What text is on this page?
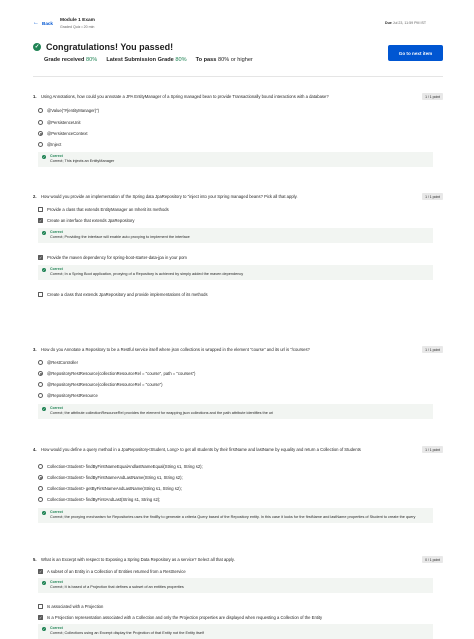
← Back Module 1 Exam
Graded Quiz • 20 min
Due Jul 23, 11:59 PM IST
✓ Congratulations! You passed!
Grade received 80% Latest Submission Grade 80% To pass 80% or higher
Go to next item
1. Using Annotations, how could you annotate a JPA EntityManager of a Spring managed bean to provide Transactionally bound interactions with a database?	1 / 1 point
@Value("#{entityManager}")
@PersistenceUnit
@PersistenceContext
@Inject
✓ Correct
Correct; This injects an EntityManager
2. How would you provide an implementation of the Spring data JpaRepository to "inject into your Spring managed beans? Pick all that apply.	1 / 1 point
Provide a class that extends EntityManager an Inherit its methods
✓ Create an interface that extends JpaRepository
✓ Correct
Correct; Providing the interface will enable auto proxying to implement the interface
✓ Provide the maven dependency for spring-boot-starter-data-jpa in your pom
✓ Correct
Correct; In a Spring Boot application, proxying of a Repository is achieved by simply added the maven dependency
Create a class that extends JpaRepository and provide implementations of its methods
3. How do you Annotate a Repository to be a Restful service itself where json collections is wrapped in the element "course" and its url is "/courses?	1 / 1 point
@RestController
@RepositoryRestResource(collectionResourceRel = "course", path = "courses")
@RepositoryRestResource(collectionResourceRel = "course")
@RepositoryRestResource
✓ Correct
Correct; the attribute collectionResourceRel provides the element for wrapping json collections and the path attribute identifies the uri
4. How would you define a query method in a JpaRepository<Student, Long> to get all students by their firstName and lastName by equality and return a Collection of Students	1 / 1 point
Collection<Student> findByFirstNameEqualAndlastNameEqual(String s1, String s2);
Collection<Student> findByFirstNameAndLastName(String s1, String s2);
Collection<Student> getByFirstNameAndLastName(String s1, String s2);
Collection<Student> findByFirstAndLast(String s1, String s2);
✓ Correct
Correct; the proxying mechanism for Repositories uses the findBy to generate a criteria Query based of the Repository entity. In this case it looks for the firstName and lastName properties of Student to create the query
5. What is an Excerpt with respect to Exposing a Spring Data Repository as a service? Select all that apply.	0 / 1 point
✓ A subset of an Entity in a Collection of Entities returned from a RestService
✓ Correct
Correct; It is based of a Projection that defines a subset of an entities properties
Is associated with a Projection
✓ Is a Projection representation associated with a Collection and only the Projection properties are displayed when requesting a Collection of the Entity
✓ Correct
Correct; Collections using an Excerpt display the Projection of that Entity not the Entity itself
